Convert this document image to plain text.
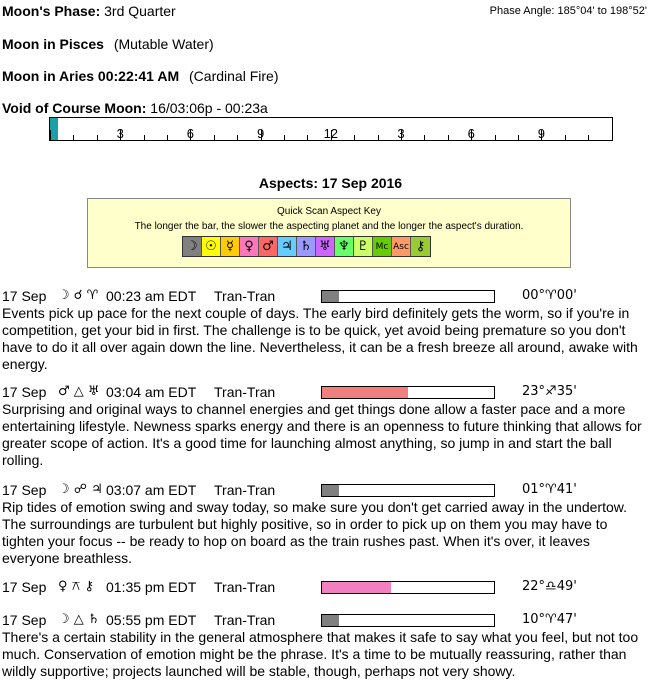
Moon's Phase: 3rd Quarter	Phase Angle: 185°04' to 198°52'
Moon in Pisces (Mutable Water)
Moon in Aries 00:22:41 AM (Cardinal Fire)
Void of Course Moon: 16/03:06p - 00:23a
3	6	9	12	3	6	9
Aspects: 17 Sep 2016
Quick Scan Aspect Key
The longer the bar, the slower the aspecting planet and the longer the aspect's duration.
☽ ☉ ☿ ♀ ♂ ♃ ♄ ♅ ♆ ♇ Mc Asc ⚷
17 Sep ☽ ☌ ♈ 00:23 am EDT Tran-Tran	00°♈00'

Events pick up pace for the next couple of days. The early bird definitely gets the worm, so if you're in competition, get your bid in first. The challenge is to be quick, yet avoid being premature so you don't have to do it all over again down the line. Nevertheless, it can be a fresh breeze all around, awake with energy.

17 Sep ♂ △ ♅ 03:04 am EDT Tran-Tran	23°♐35'

Surprising and original ways to channel energies and get things done allow a faster pace and a more entertaining lifestyle. Newness sparks energy and there is an openness to future thinking that allows for greater scope of action. It's a good time for launching almost anything, so jump in and start the ball rolling.

17 Sep ☽ ☍ ♃ 03:07 am EDT Tran-Tran	01°♈41'

Rip tides of emotion swing and sway today, so make sure you don't get carried away in the undertow. The surroundings are turbulent but highly positive, so in order to pick up on them you may have to tighten your focus -- be ready to hop on board as the train rushes past. When it's over, it leaves everyone breathless.

17 Sep ♀ ⚻ ⚷ 01:35 pm EDT Tran-Tran	22°♎49'
17 Sep ☽ △ ♄ 05:55 pm EDT Tran-Tran	10°♈47'

There's a certain stability in the general atmosphere that makes it safe to say what you feel, but not too much. Conservation of emotion might be the phrase. It's a time to be mutually reassuring, rather than wildly supportive; projects launched will be stable, though, perhaps not very showy.
